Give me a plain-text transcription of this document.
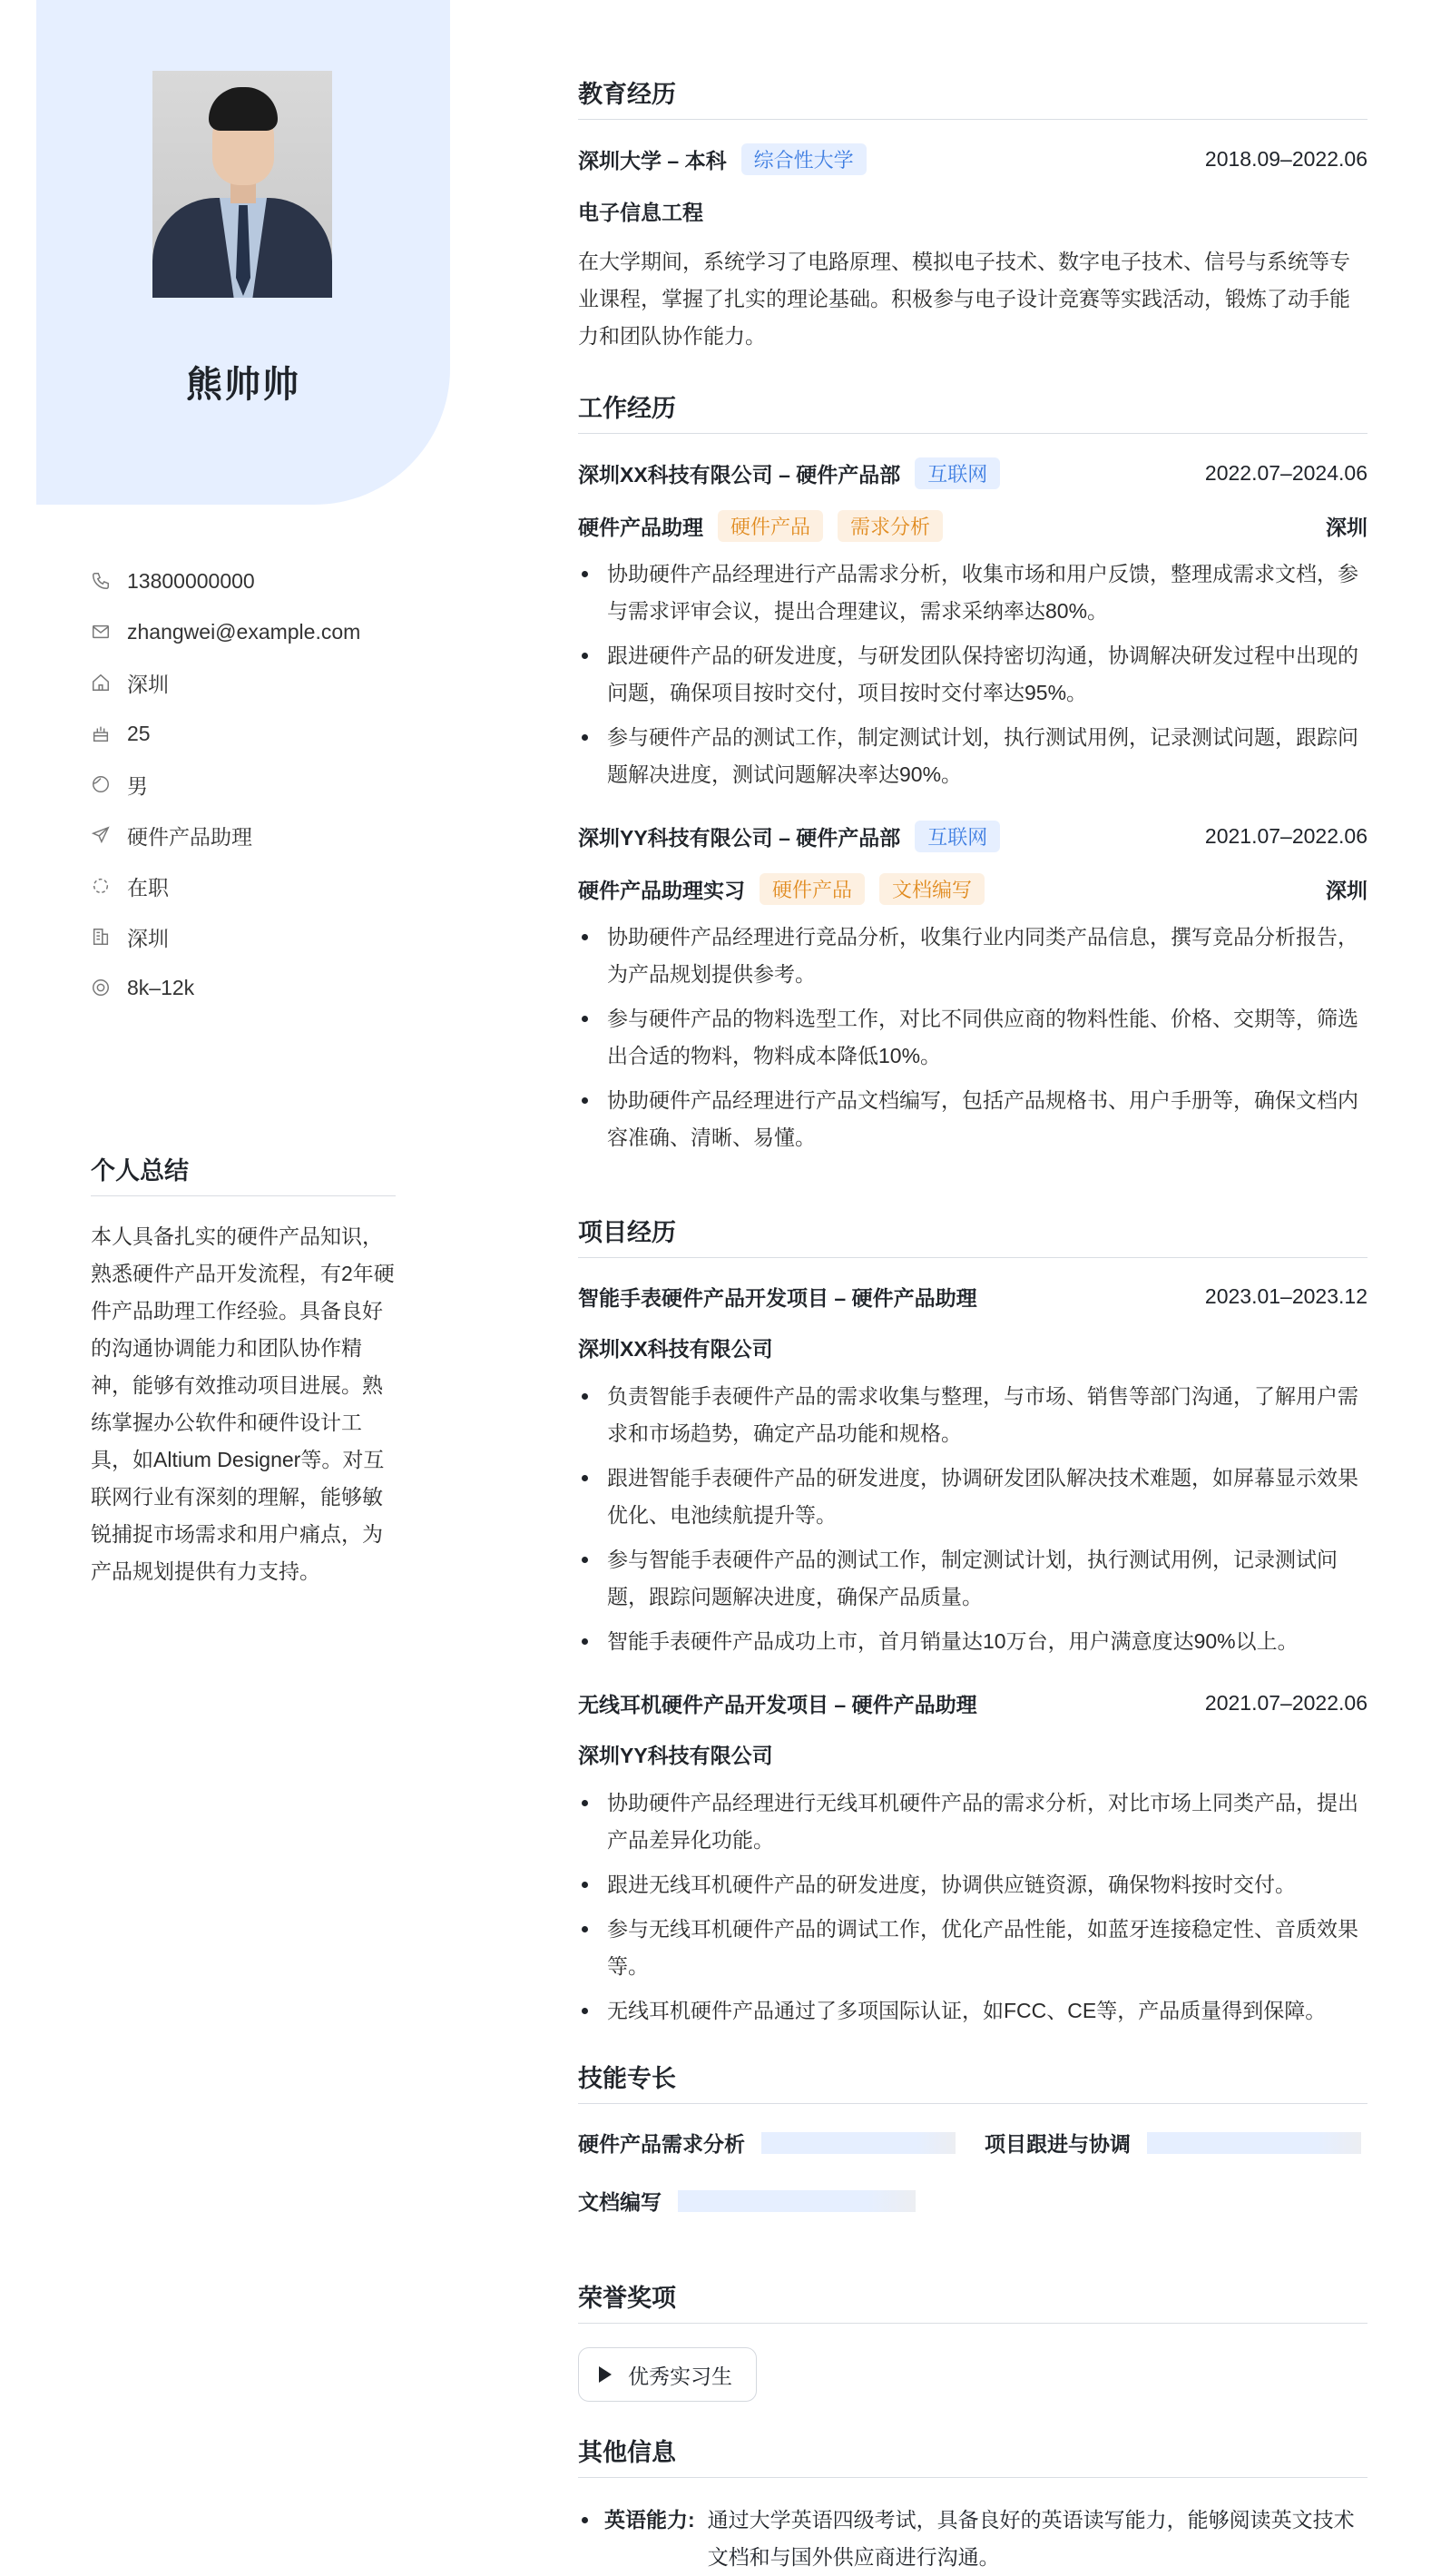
熊帅帅
13800000000
zhangwei@example.com
深圳
25
男
硬件产品助理
在职
深圳
8k–12k
个人总结
本人具备扎实的硬件产品知识，熟悉硬件产品开发流程，有2年硬件产品助理工作经验。具备良好的沟通协调能力和团队协作精神，能够有效推动项目进展。熟练掌握办公软件和硬件设计工具，如Altium Designer等。对互联网行业有深刻的理解，能够敏锐捕捉市场需求和用户痛点，为产品规划提供有力支持。
教育经历
深圳大学 – 本科	综合性大学	2018.09–2022.06
电子信息工程
在大学期间，系统学习了电路原理、模拟电子技术、数字电子技术、信号与系统等专业课程，掌握了扎实的理论基础。积极参与电子设计竞赛等实践活动，锻炼了动手能力和团队协作能力。
工作经历
深圳XX科技有限公司 – 硬件产品部	互联网	2022.07–2024.06
硬件产品助理	硬件产品	需求分析	深圳
协助硬件产品经理进行产品需求分析，收集市场和用户反馈，整理成需求文档，参与需求评审会议，提出合理建议，需求采纳率达80%。
跟进硬件产品的研发进度，与研发团队保持密切沟通，协调解决研发过程中出现的问题，确保项目按时交付，项目按时交付率达95%。
参与硬件产品的测试工作，制定测试计划，执行测试用例，记录测试问题，跟踪问题解决进度，测试问题解决率达90%。
深圳YY科技有限公司 – 硬件产品部	互联网	2021.07–2022.06
硬件产品助理实习	硬件产品	文档编写	深圳
协助硬件产品经理进行竞品分析，收集行业内同类产品信息，撰写竞品分析报告，为产品规划提供参考。
参与硬件产品的物料选型工作，对比不同供应商的物料性能、价格、交期等，筛选出合适的物料，物料成本降低10%。
协助硬件产品经理进行产品文档编写，包括产品规格书、用户手册等，确保文档内容准确、清晰、易懂。
项目经历
智能手表硬件产品开发项目 – 硬件产品助理	2023.01–2023.12
深圳XX科技有限公司
负责智能手表硬件产品的需求收集与整理，与市场、销售等部门沟通，了解用户需求和市场趋势，确定产品功能和规格。
跟进智能手表硬件产品的研发进度，协调研发团队解决技术难题，如屏幕显示效果优化、电池续航提升等。
参与智能手表硬件产品的测试工作，制定测试计划，执行测试用例，记录测试问题，跟踪问题解决进度，确保产品质量。
智能手表硬件产品成功上市，首月销量达10万台，用户满意度达90%以上。
无线耳机硬件产品开发项目 – 硬件产品助理	2021.07–2022.06
深圳YY科技有限公司
协助硬件产品经理进行无线耳机硬件产品的需求分析，对比市场上同类产品，提出产品差异化功能。
跟进无线耳机硬件产品的研发进度，协调供应链资源，确保物料按时交付。
参与无线耳机硬件产品的调试工作，优化产品性能，如蓝牙连接稳定性、音质效果等。
无线耳机硬件产品通过了多项国际认证，如FCC、CE等，产品质量得到保障。
技能专长
硬件产品需求分析	项目跟进与协调
文档编写
荣誉奖项
优秀实习生
其他信息
英语能力: 通过大学英语四级考试，具备良好的英语读写能力，能够阅读英文技术文档和与国外供应商进行沟通。
